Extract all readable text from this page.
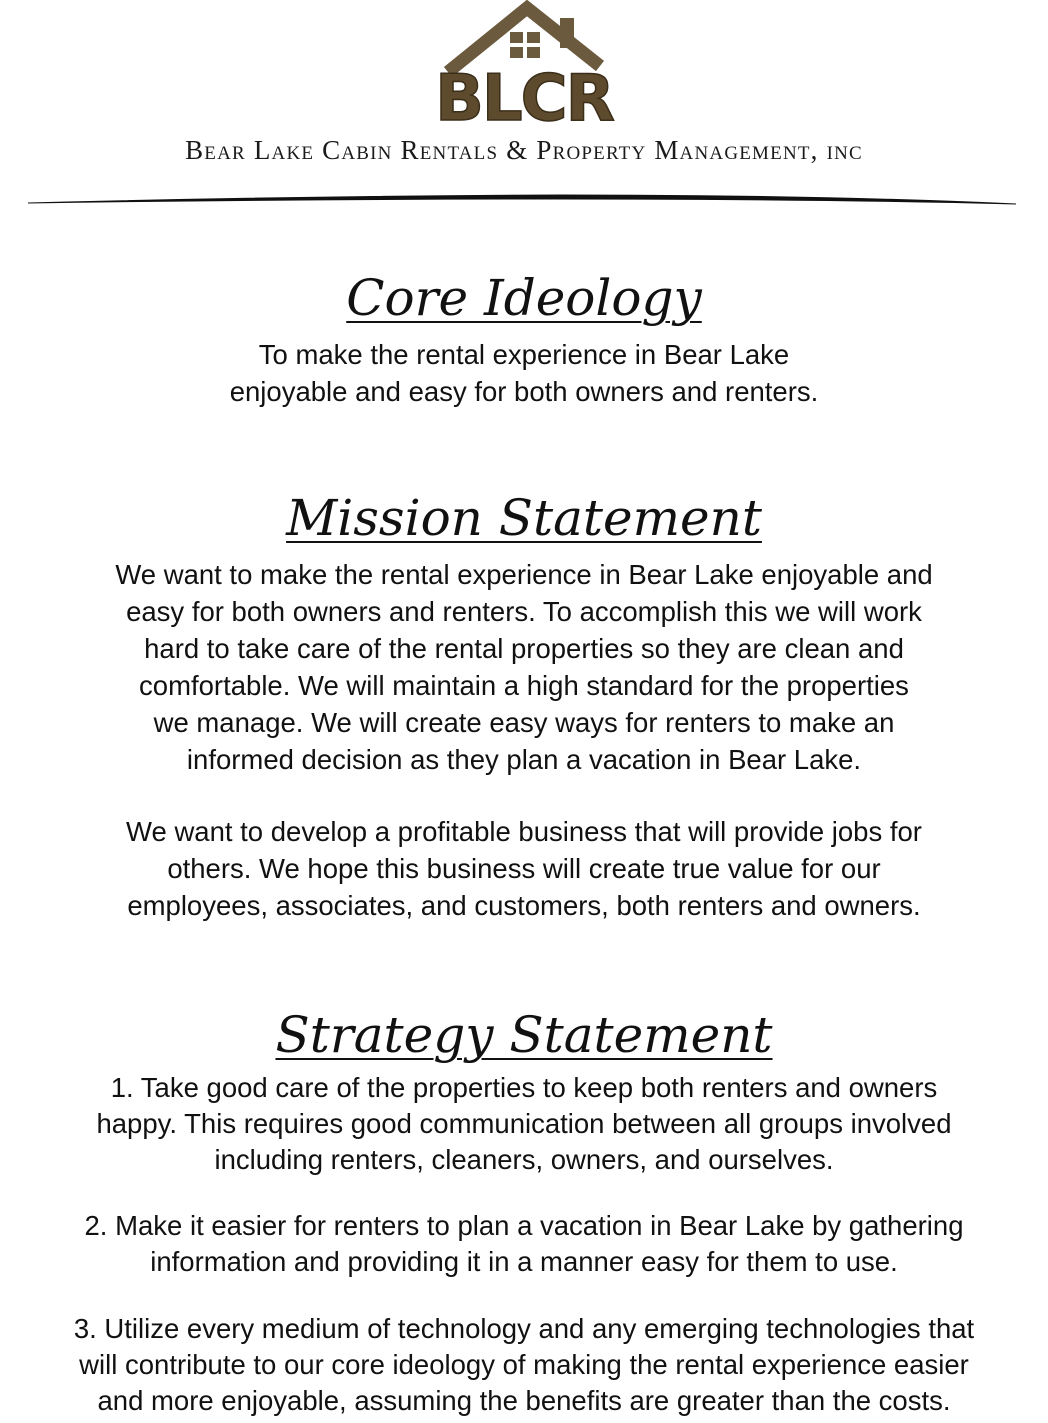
BLCR
Bear Lake Cabin Rentals & Property Management, inc
Core Ideology
To make the rental experience in Bear Lake
enjoyable and easy for both owners and renters.
Mission Statement
We want to make the rental experience in Bear Lake enjoyable and
easy for both owners and renters. To accomplish this we will work
hard to take care of the rental properties so they are clean and
comfortable. We will maintain a high standard for the properties
we manage. We will create easy ways for renters to make an
informed decision as they plan a vacation in Bear Lake.
We want to develop a profitable business that will provide jobs for
others. We hope this business will create true value for our
employees, associates, and customers, both renters and owners.
Strategy Statement
1. Take good care of the properties to keep both renters and owners
happy. This requires good communication between all groups involved
including renters, cleaners, owners, and ourselves.
2. Make it easier for renters to plan a vacation in Bear Lake by gathering
information and providing it in a manner easy for them to use.
3. Utilize every medium of technology and any emerging technologies that
will contribute to our core ideology of making the rental experience easier
and more enjoyable, assuming the benefits are greater than the costs.
